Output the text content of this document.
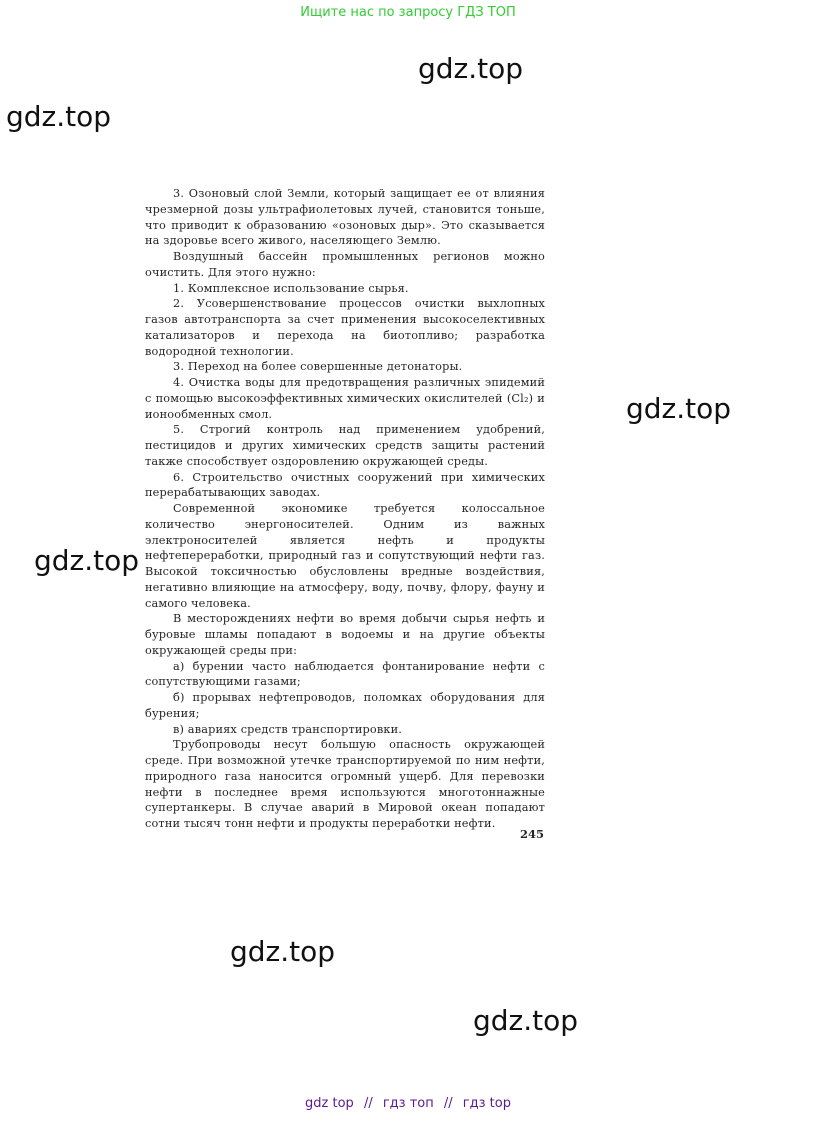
Ищите нас по запросу ГДЗ ТОП
gdz.top
gdz.top
gdz.top
gdz.top
gdz.top
gdz.top

3. Озоновый слой Земли, который защищает ее от влияния чрезмерной дозы ультрафиолетовых лучей, становится тоньше, что приводит к образованию «озоновых дыр». Это сказывается на здоровье всего живого, населяющего Землю.

Воздушный бассейн промышленных регионов можно очистить. Для этого нужно:

1. Комплексное использование сырья.

2. Усовершенствование процессов очистки выхлопных газов автотранспорта за счет применения высокоселективных катализаторов и перехода на биотопливо; разработка водородной технологии.

3. Переход на более совершенные детонаторы.

4. Очистка воды для предотвращения различных эпидемий с помощью высокоэффективных химических окислителей (Cl₂) и ионообменных смол.

5. Строгий контроль над применением удобрений, пестицидов и других химических средств защиты растений также способствует оздоровлению окружающей среды.

6. Строительство очистных сооружений при химических перерабатывающих заводах.

Современной экономике требуется колоссальное количество энергоносителей. Одним из важных электроносителей является нефть и продукты нефтепереработки, природный газ и сопутствующий нефти газ. Высокой токсичностью обусловлены вредные воздействия, негативно влияющие на атмосферу, воду, почву, флору, фауну и самого человека.

В месторождениях нефти во время добычи сырья нефть и буровые шламы попадают в водоемы и на другие объекты окружающей среды при:

а) бурении часто наблюдается фонтанирование нефти с сопутствующими газами;

б) прорывах нефтепроводов, поломках оборудования для бурения;

в) авариях средств транспортировки.

Трубопроводы несут большую опасность окружающей среде. При возможной утечке транспортируемой по ним нефти, природного газа наносится огромный ущерб. Для перевозки нефти в последнее время используются многотоннажные супертанкеры. В случае аварий в Мировой океан попадают сотни тысяч тонн нефти и продукты переработки нефти.

245
gdz top // гдз топ // гдз top
